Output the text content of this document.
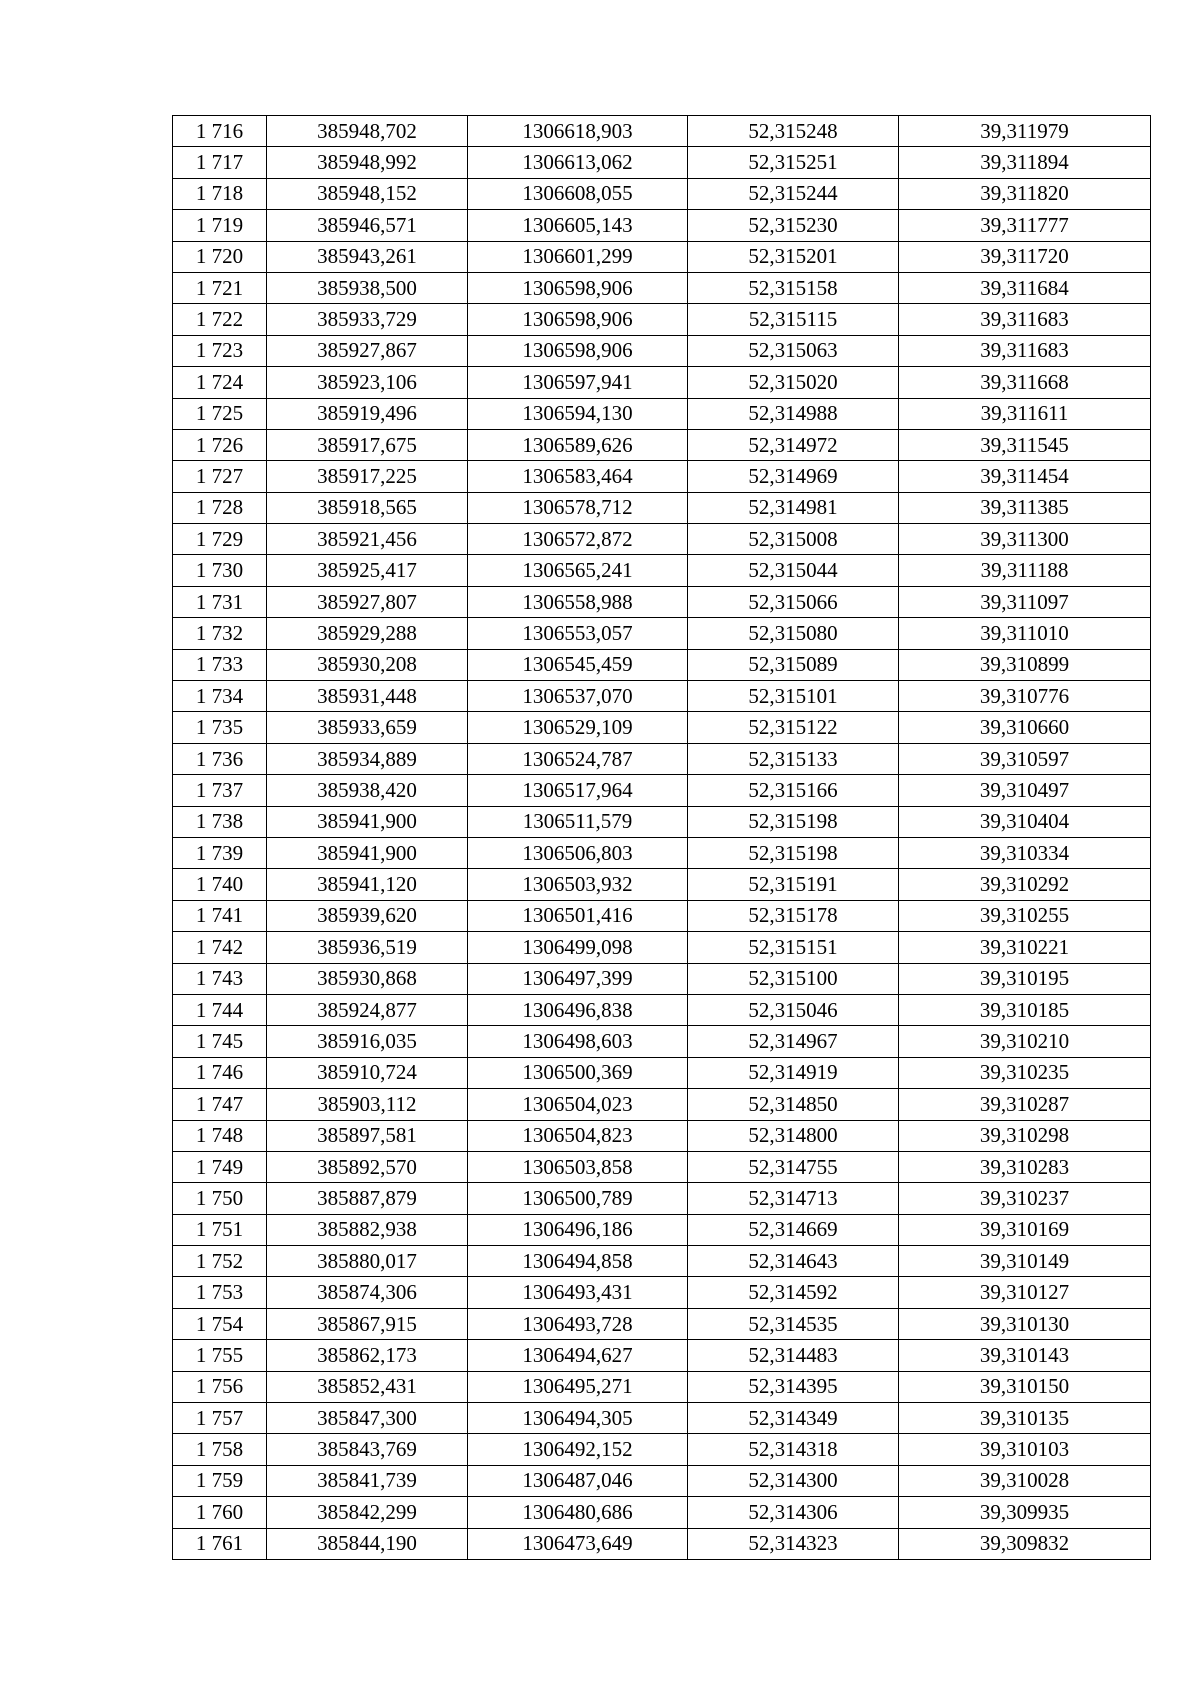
1 716	385948,702	1306618,903	52,315248	39,311979
1 717	385948,992	1306613,062	52,315251	39,311894
1 718	385948,152	1306608,055	52,315244	39,311820
1 719	385946,571	1306605,143	52,315230	39,311777
1 720	385943,261	1306601,299	52,315201	39,311720
1 721	385938,500	1306598,906	52,315158	39,311684
1 722	385933,729	1306598,906	52,315115	39,311683
1 723	385927,867	1306598,906	52,315063	39,311683
1 724	385923,106	1306597,941	52,315020	39,311668
1 725	385919,496	1306594,130	52,314988	39,311611
1 726	385917,675	1306589,626	52,314972	39,311545
1 727	385917,225	1306583,464	52,314969	39,311454
1 728	385918,565	1306578,712	52,314981	39,311385
1 729	385921,456	1306572,872	52,315008	39,311300
1 730	385925,417	1306565,241	52,315044	39,311188
1 731	385927,807	1306558,988	52,315066	39,311097
1 732	385929,288	1306553,057	52,315080	39,311010
1 733	385930,208	1306545,459	52,315089	39,310899
1 734	385931,448	1306537,070	52,315101	39,310776
1 735	385933,659	1306529,109	52,315122	39,310660
1 736	385934,889	1306524,787	52,315133	39,310597
1 737	385938,420	1306517,964	52,315166	39,310497
1 738	385941,900	1306511,579	52,315198	39,310404
1 739	385941,900	1306506,803	52,315198	39,310334
1 740	385941,120	1306503,932	52,315191	39,310292
1 741	385939,620	1306501,416	52,315178	39,310255
1 742	385936,519	1306499,098	52,315151	39,310221
1 743	385930,868	1306497,399	52,315100	39,310195
1 744	385924,877	1306496,838	52,315046	39,310185
1 745	385916,035	1306498,603	52,314967	39,310210
1 746	385910,724	1306500,369	52,314919	39,310235
1 747	385903,112	1306504,023	52,314850	39,310287
1 748	385897,581	1306504,823	52,314800	39,310298
1 749	385892,570	1306503,858	52,314755	39,310283
1 750	385887,879	1306500,789	52,314713	39,310237
1 751	385882,938	1306496,186	52,314669	39,310169
1 752	385880,017	1306494,858	52,314643	39,310149
1 753	385874,306	1306493,431	52,314592	39,310127
1 754	385867,915	1306493,728	52,314535	39,310130
1 755	385862,173	1306494,627	52,314483	39,310143
1 756	385852,431	1306495,271	52,314395	39,310150
1 757	385847,300	1306494,305	52,314349	39,310135
1 758	385843,769	1306492,152	52,314318	39,310103
1 759	385841,739	1306487,046	52,314300	39,310028
1 760	385842,299	1306480,686	52,314306	39,309935
1 761	385844,190	1306473,649	52,314323	39,309832
